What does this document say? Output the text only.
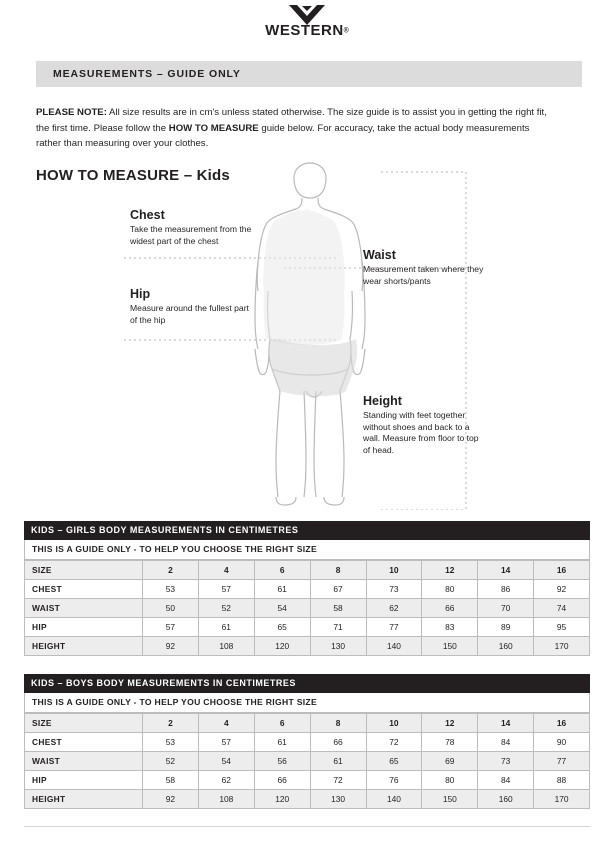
WESTERN®
MEASUREMENTS – GUIDE ONLY
PLEASE NOTE: All size results are in cm's unless stated otherwise. The size guide is to assist you in getting the right fit, the first time. Please follow the HOW TO MEASURE guide below. For accuracy, take the actual body measurements rather than measuring over your clothes.
HOW TO MEASURE – Kids
Chest
Take the measurement from the widest part of the chest
Hip
Measure around the fullest part of the hip
Waist
Measurement taken where they wear shorts/pants
Height
Standing with feet together without shoes and back to a wall. Measure from floor to top of head.
KIDS – GIRLS BODY MEASUREMENTS IN CENTIMETRES
THIS IS A GUIDE ONLY - TO HELP YOU CHOOSE THE RIGHT SIZE
SIZE	2	4	6	8	10	12	14	16
CHEST	53	57	61	67	73	80	86	92
WAIST	50	52	54	58	62	66	70	74
HIP	57	61	65	71	77	83	89	95
HEIGHT	92	108	120	130	140	150	160	170
KIDS – BOYS BODY MEASUREMENTS IN CENTIMETRES
THIS IS A GUIDE ONLY - TO HELP YOU CHOOSE THE RIGHT SIZE
SIZE	2	4	6	8	10	12	14	16
CHEST	53	57	61	66	72	78	84	90
WAIST	52	54	56	61	65	69	73	77
HIP	58	62	66	72	76	80	84	88
HEIGHT	92	108	120	130	140	150	160	170
